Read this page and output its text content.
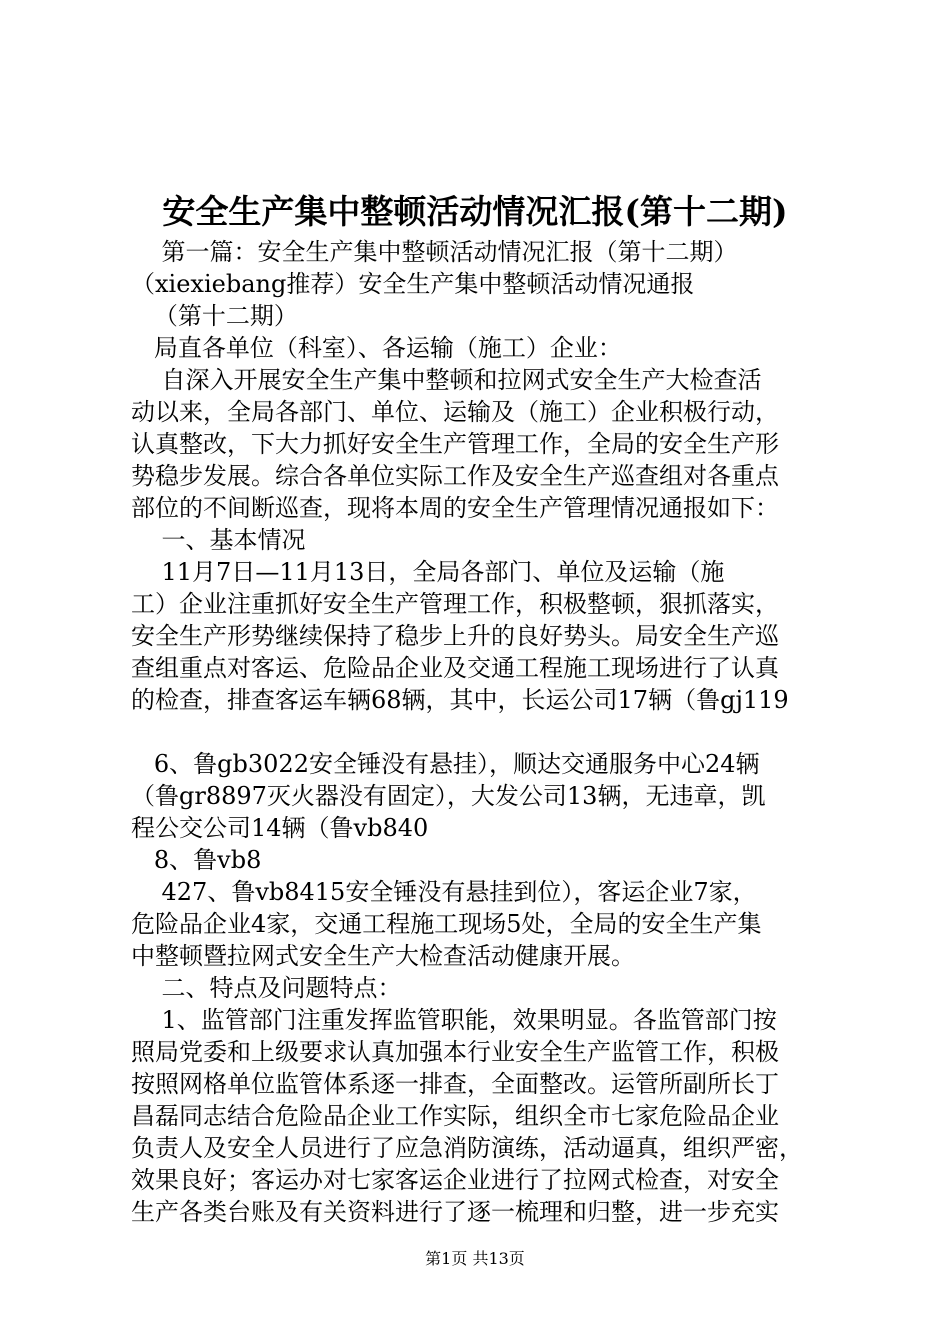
安全生产集中整顿活动情况汇报(第十二期)
第一篇：安全生产集中整顿活动情况汇报（第十二期）
（xiexiebang推荐）安全生产集中整顿活动情况通报
（第十二期）
局直各单位（科室）、各运输（施工）企业：
自深入开展安全生产集中整顿和拉网式安全生产大检查活
动以来，全局各部门、单位、运输及（施工）企业积极行动，
认真整改，下大力抓好安全生产管理工作，全局的安全生产形
势稳步发展。综合各单位实际工作及安全生产巡查组对各重点
部位的不间断巡查，现将本周的安全生产管理情况通报如下：
一、基本情况
11月7日—11月13日，全局各部门、单位及运输（施
工）企业注重抓好安全生产管理工作，积极整顿，狠抓落实，
安全生产形势继续保持了稳步上升的良好势头。局安全生产巡
查组重点对客运、危险品企业及交通工程施工现场进行了认真
的检查，排查客运车辆68辆，其中，长运公司17辆（鲁gj119
6、鲁gb3022安全锤没有悬挂），顺达交通服务中心24辆
（鲁gr8897灭火器没有固定），大发公司13辆，无违章，凯
程公交公司14辆（鲁vb840
8、鲁vb8
427、鲁vb8415安全锤没有悬挂到位），客运企业7家，
危险品企业4家，交通工程施工现场5处，全局的安全生产集
中整顿暨拉网式安全生产大检查活动健康开展。
二、特点及问题特点：
1、监管部门注重发挥监管职能，效果明显。各监管部门按
照局党委和上级要求认真加强本行业安全生产监管工作，积极
按照网格单位监管体系逐一排查，全面整改。运管所副所长丁
昌磊同志结合危险品企业工作实际，组织全市七家危险品企业
负责人及安全人员进行了应急消防演练，活动逼真，组织严密，
效果良好；客运办对七家客运企业进行了拉网式检查，对安全
生产各类台账及有关资料进行了逐一梳理和归整，进一步充实
第1页 共13页
